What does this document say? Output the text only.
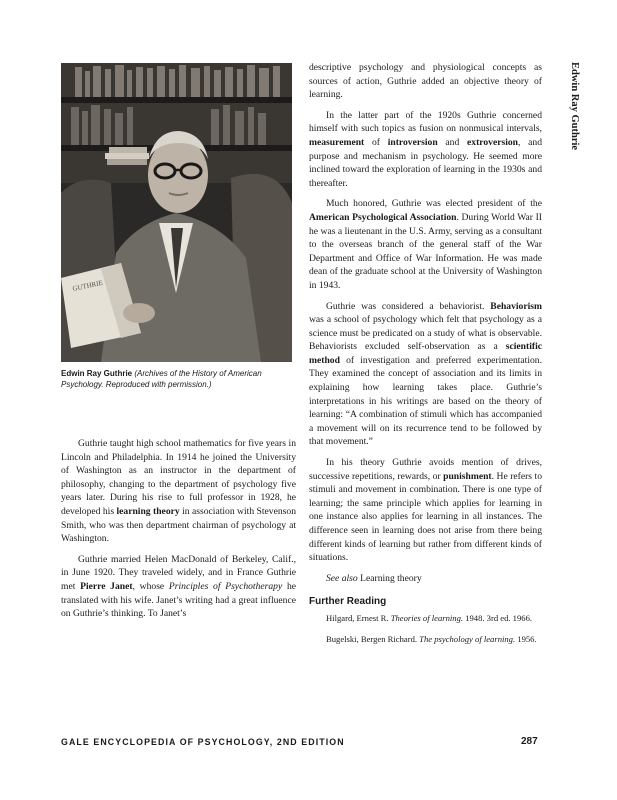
GUTHRIE
Edwin Ray Guthrie (Archives of the History of American Psychology. Reproduced with permission.)
Edwin Ray Guthrie

Guthrie taught high school mathematics for five years in Lincoln and Philadelphia. In 1914 he joined the University of Washington as an instructor in the department of philosophy, changing to the department of psychology five years later. During his rise to full professor in 1928, he developed his learning theory in association with Stevenson Smith, who was then department chairman of psychology at Washington.

Guthrie married Helen MacDonald of Berkeley, Calif., in June 1920. They traveled widely, and in France Guthrie met Pierre Janet, whose Principles of Psychotherapy he translated with his wife. Janet’s writing had a great influence on Guthrie’s thinking. To Janet’s

descriptive psychology and physiological concepts as sources of action, Guthrie added an objective theory of learning.

In the latter part of the 1920s Guthrie concerned himself with such topics as fusion on nonmusical intervals, measurement of introversion and extroversion, and purpose and mechanism in psychology. He seemed more inclined toward the exploration of learning in the 1930s and thereafter.

Much honored, Guthrie was elected president of the American Psychological Association. During World War II he was a lieutenant in the U.S. Army, serving as a consultant to the overseas branch of the general staff of the War Department and Office of War Information. He was made dean of the graduate school at the University of Washington in 1943.

Guthrie was considered a behaviorist. Behaviorism was a school of psychology which felt that psychology as a science must be predicated on a study of what is observable. Behaviorists excluded self-observation as a scientific method of investigation and preferred experimentation. They examined the concept of association and its limits in explaining how learning takes place. Guthrie’s interpretations in his writings are based on the theory of learning: “A combination of stimuli which has accompanied a movement will on its recurrence tend to be followed by that movement.”

In his theory Guthrie avoids mention of drives, successive repetitions, rewards, or punishment. He refers to stimuli and movement in combination. There is one type of learning; the same principle which applies for learning in one instance also applies for learning in all instances. The difference seen in learning does not arise from there being different kinds of learning but rather from different kinds of situations.

See also Learning theory

Further Reading

Hilgard, Ernest R. Theories of learning. 1948. 3rd ed. 1966.

Bugelski, Bergen Richard. The psychology of learning. 1956.

GALE ENCYCLOPEDIA OF PSYCHOLOGY, 2ND EDITION	287
